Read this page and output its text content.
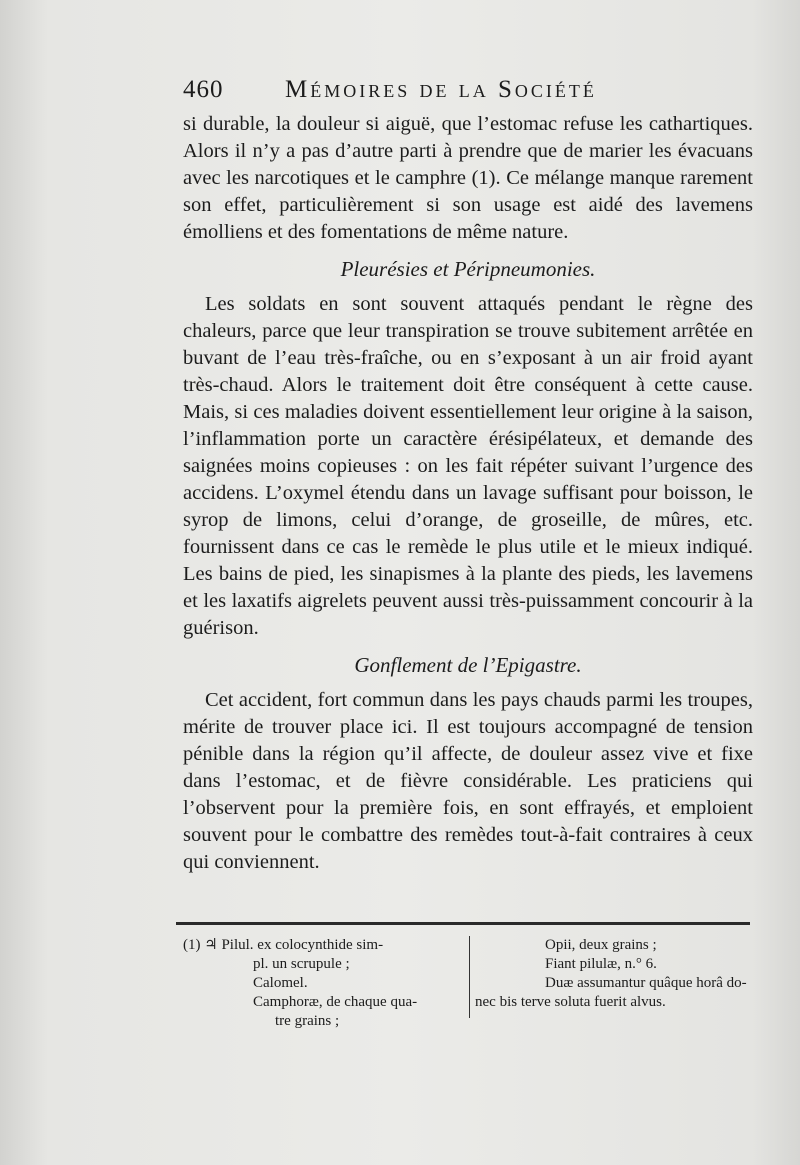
460 Mémoires de la Société

si durable, la douleur si aiguë, que l’estomac refuse les cathartiques. Alors il n’y a pas d’autre parti à prendre que de marier les évacuans avec les narcotiques et le camphre (1). Ce mélange manque rarement son effet, particulièrement si son usage est aidé des lavemens émolliens et des fomentations de même nature.

Pleurésies et Péripneumonies.

Les soldats en sont souvent attaqués pendant le règne des chaleurs, parce que leur transpiration se trouve subitement arrêtée en buvant de l’eau très-fraîche, ou en s’exposant à un air froid ayant très-chaud. Alors le traitement doit être conséquent à cette cause. Mais, si ces maladies doivent essentiellement leur origine à la saison, l’inflammation porte un caractère érésipélateux, et demande des saignées moins copieuses : on les fait répéter suivant l’urgence des accidens. L’oxymel étendu dans un lavage suffisant pour boisson, le syrop de limons, celui d’orange, de groseille, de mûres, etc. fournissent dans ce cas le remède le plus utile et le mieux indiqué. Les bains de pied, les sinapismes à la plante des pieds, les lavemens et les laxatifs aigrelets peuvent aussi très-puissamment concourir à la guérison.

Gonflement de l’Epigastre.

Cet accident, fort commun dans les pays chauds parmi les troupes, mérite de trouver place ici. Il est toujours accompagné de tension pénible dans la région qu’il affecte, de douleur assez vive et fixe dans l’estomac, et de fièvre considérable. Les praticiens qui l’observent pour la première fois, en sont effrayés, et emploient souvent pour le combattre des remèdes tout-à-fait contraires à ceux qui conviennent.

(1) ♃ Pilul. ex colocynthide sim-
pl. un scrupule ;
Calomel.
Camphoræ, de chaque qua-
tre grains ;
Opii, deux grains ;
Fiant pilulæ, n.° 6.
Duæ assumantur quâque horâ do-
nec bis terve soluta fuerit alvus.
